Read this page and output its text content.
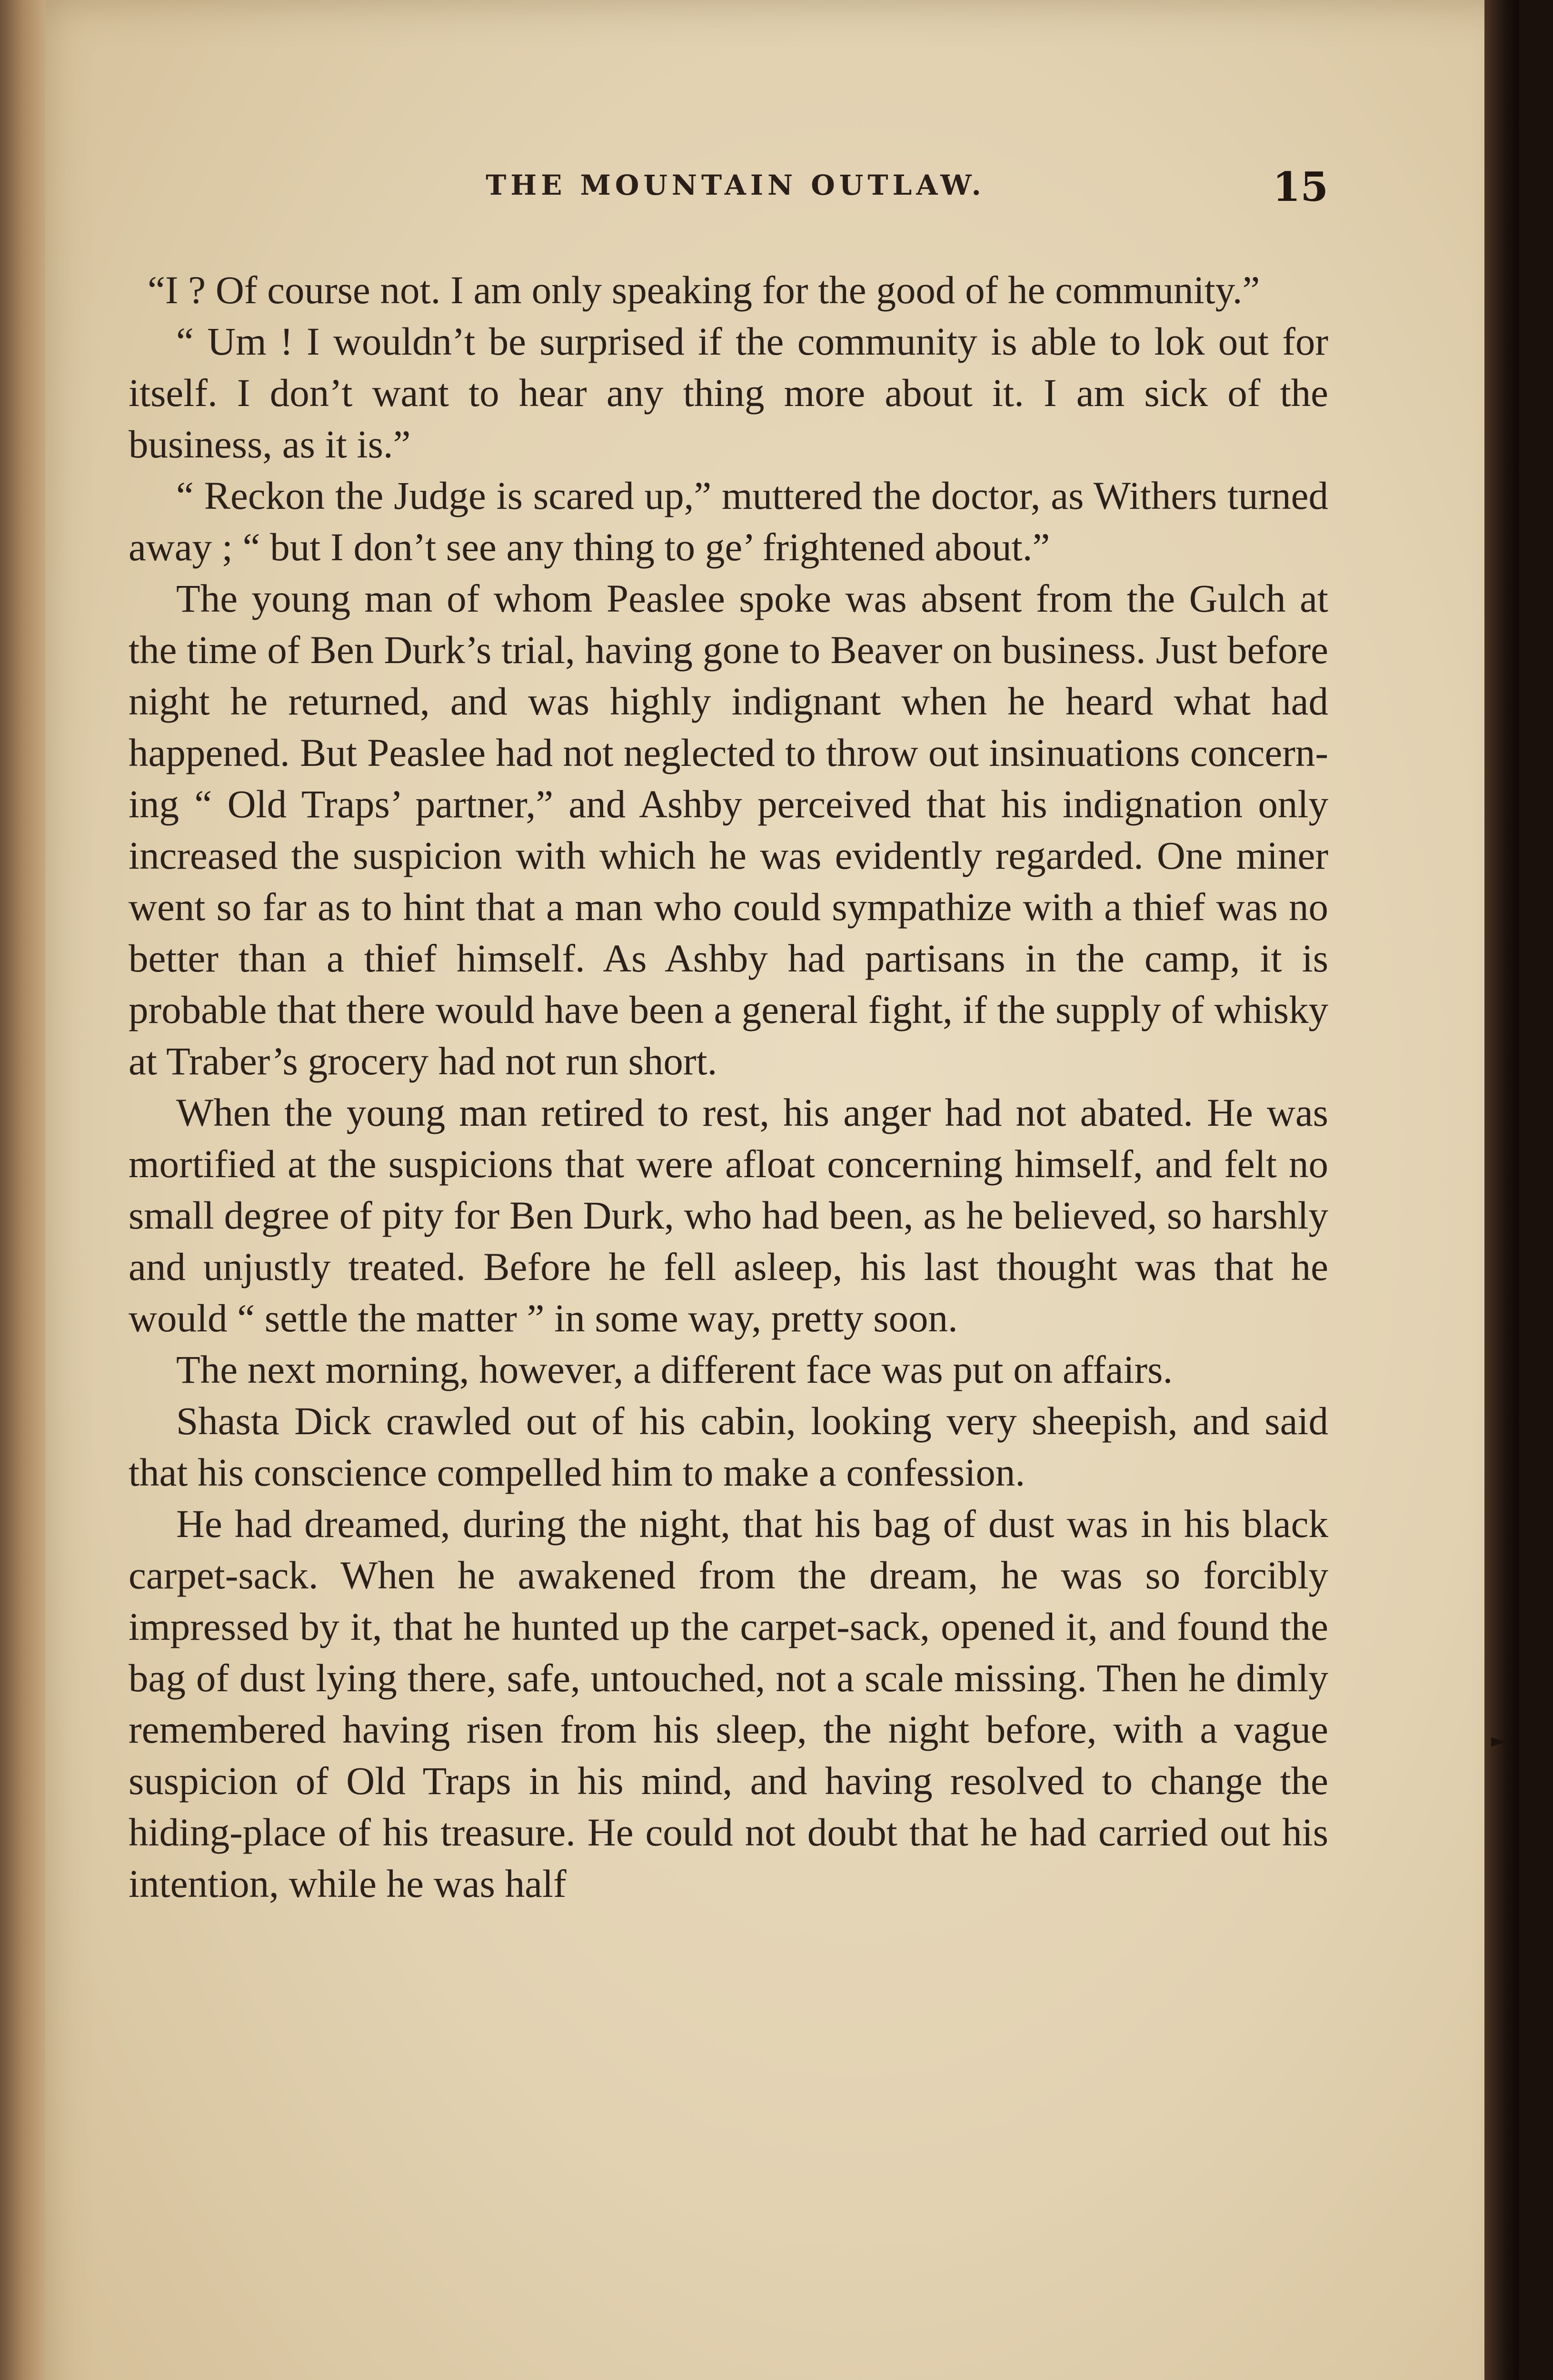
THE MOUNTAIN OUTLAW.	15

“I ? Of course not. I am only speaking for the good of he community.”

“ Um ! I wouldn’t be surprised if the community is able to lok out for itself. I don’t want to hear any thing more about it. I am sick of the business, as it is.”

“ Reckon the Judge is scared up,” muttered the doctor, as Withers turned away ; “ but I don’t see any thing to ge’ frightened about.”

The young man of whom Peaslee spoke was absent from the Gulch at the time of Ben Durk’s trial, having gone to Beaver on business. Just before night he returned, and was highly indignant when he heard what had happened. But Peaslee had not neglected to throw out insinuations concerning “ Old Traps’ partner,” and Ashby perceived that his indignation only increased the suspicion with which he was evidently regarded. One miner went so far as to hint that a man who could sympathize with a thief was no better than a thief himself. As Ashby had partisans in the camp, it is probable that there would have been a general fight, if the supply of whisky at Traber’s grocery had not run short.

When the young man retired to rest, his anger had not abated. He was mortified at the suspicions that were afloat concerning himself, and felt no small degree of pity for Ben Durk, who had been, as he believed, so harshly and unjustly treated. Before he fell asleep, his last thought was that he would “ settle the matter ” in some way, pretty soon.

The next morning, however, a different face was put on affairs.

Shasta Dick crawled out of his cabin, looking very sheepish, and said that his conscience compelled him to make a confession.

He had dreamed, during the night, that his bag of dust was in his black carpet-sack. When he awakened from the dream, he was so forcibly impressed by it, that he hunted up the carpet-sack, opened it, and found the bag of dust lying there, safe, untouched, not a scale missing. Then he dimly remembered having risen from his sleep, the night before, with a vague suspicion of Old Traps in his mind, and having resolved to change the hiding-place of his treasure. He could not doubt that he had carried out his intention, while he was half

►
